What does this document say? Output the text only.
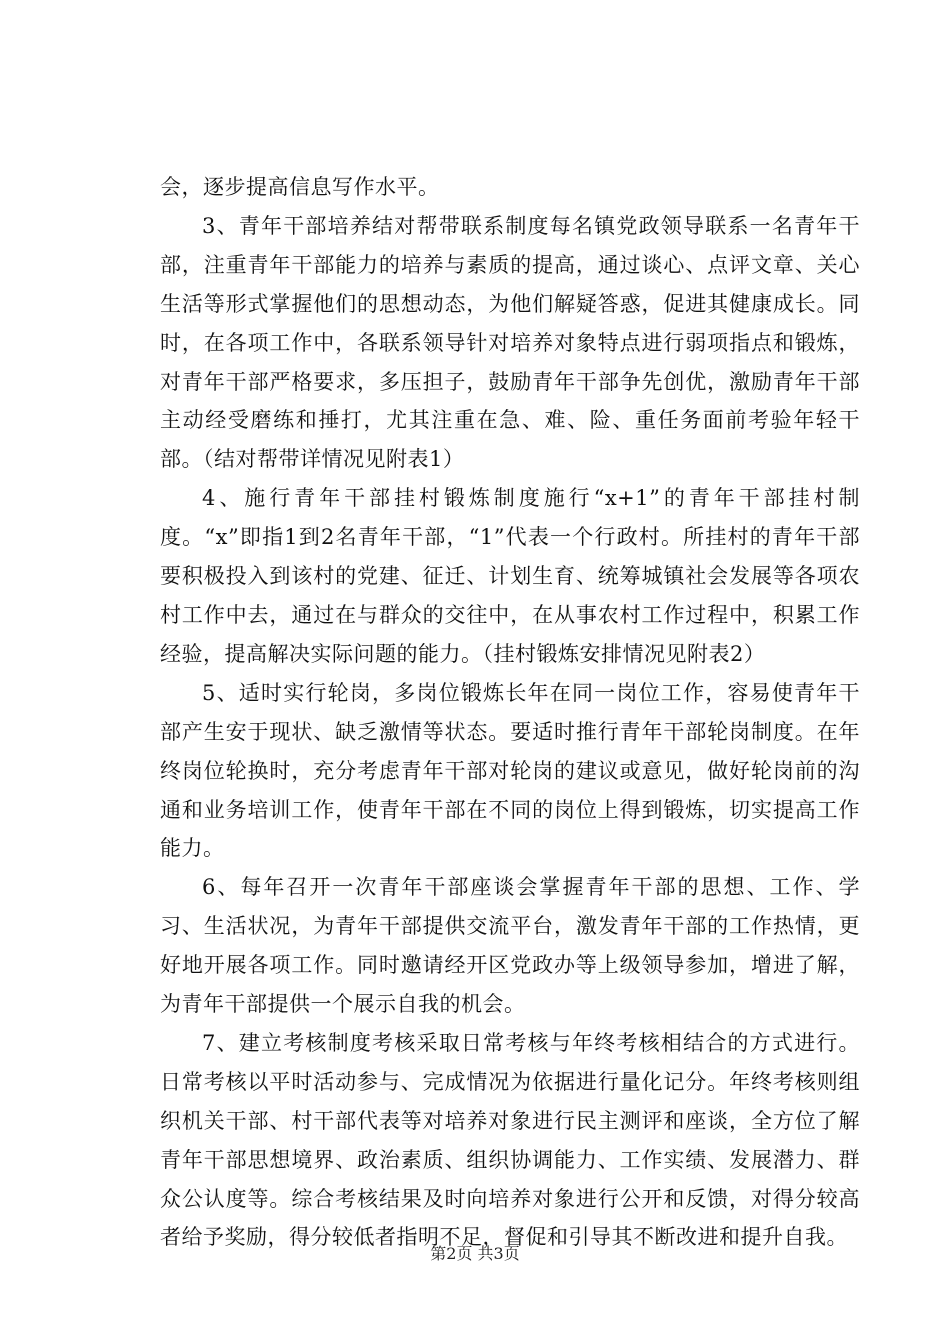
会，逐步提高信息写作水平。

3、青年干部培养结对帮带联系制度每名镇党政领导联系一名青年干部，注重青年干部能力的培养与素质的提高，通过谈心、点评文章、关心生活等形式掌握他们的思想动态，为他们解疑答惑，促进其健康成长。同时，在各项工作中，各联系领导针对培养对象特点进行弱项指点和锻炼，对青年干部严格要求，多压担子，鼓励青年干部争先创优，激励青年干部主动经受磨练和捶打，尤其注重在急、难、险、重任务面前考验年轻干部。（结对帮带详情况见附表1）

4、施行青年干部挂村锻炼制度施行“x+1”的青年干部挂村制度。“x”即指1到2名青年干部，“1”代表一个行政村。所挂村的青年干部要积极投入到该村的党建、征迁、计划生育、统筹城镇社会发展等各项农村工作中去，通过在与群众的交往中，在从事农村工作过程中，积累工作经验，提高解决实际问题的能力。（挂村锻炼安排情况见附表2）

5、适时实行轮岗，多岗位锻炼长年在同一岗位工作，容易使青年干部产生安于现状、缺乏激情等状态。要适时推行青年干部轮岗制度。在年终岗位轮换时，充分考虑青年干部对轮岗的建议或意见，做好轮岗前的沟通和业务培训工作，使青年干部在不同的岗位上得到锻炼，切实提高工作能力。

6、每年召开一次青年干部座谈会掌握青年干部的思想、工作、学习、生活状况，为青年干部提供交流平台，激发青年干部的工作热情，更好地开展各项工作。同时邀请经开区党政办等上级领导参加，增进了解，为青年干部提供一个展示自我的机会。

7、建立考核制度考核采取日常考核与年终考核相结合的方式进行。日常考核以平时活动参与、完成情况为依据进行量化记分。年终考核则组织机关干部、村干部代表等对培养对象进行民主测评和座谈，全方位了解青年干部思想境界、政治素质、组织协调能力、工作实绩、发展潜力、群众公认度等。综合考核结果及时向培养对象进行公开和反馈，对得分较高者给予奖励，得分较低者指明不足，督促和引导其不断改进和提升自我。

第2页 共3页
